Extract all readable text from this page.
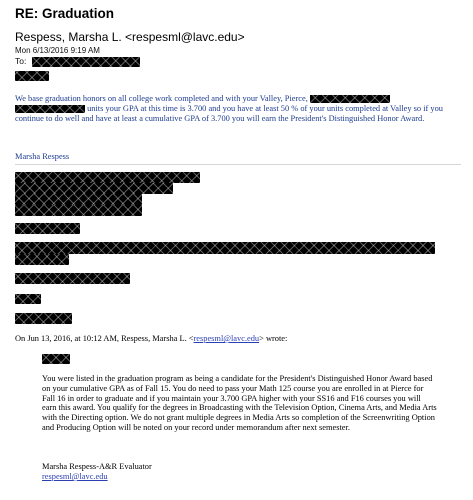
RE: Graduation
Respess, Marsha L. <respesml@lavc.edu>
Mon 6/13/2016 9:19 AM
To:
We base graduation honors on all college work completed and with your Valley, Pierce,   units your GPA at this time is 3.700 and you have at least 50 % of your units completed at Valley so if you continue to do well and have at least a cumulative GPA of 3.700 you will earn the President's Distinguished Honor Award.
Marsha Respess
On Jun 13, 2016, at 10:12 AM, Respess, Marsha L. <respesml@lavc.edu> wrote:
You were listed in the graduation program as being a candidate for the President's Distinguished Honor Award based on your cumulative GPA as of Fall 15. You do need to pass your Math 125 course you are enrolled in at Pierce for Fall 16 in order to graduate and if you maintain your 3.700 GPA higher with your SS16 and F16 courses you will earn this award. You qualify for the degrees in Broadcasting with the Television Option, Cinema Arts, and Media Arts with the Directing option. We do not grant multiple degrees in Media Arts so completion of the Screenwriting Option and Producing Option will be noted on your record under memorandum after next semester.
Marsha Respess-A&R Evaluator
respesml@lavc.edu
